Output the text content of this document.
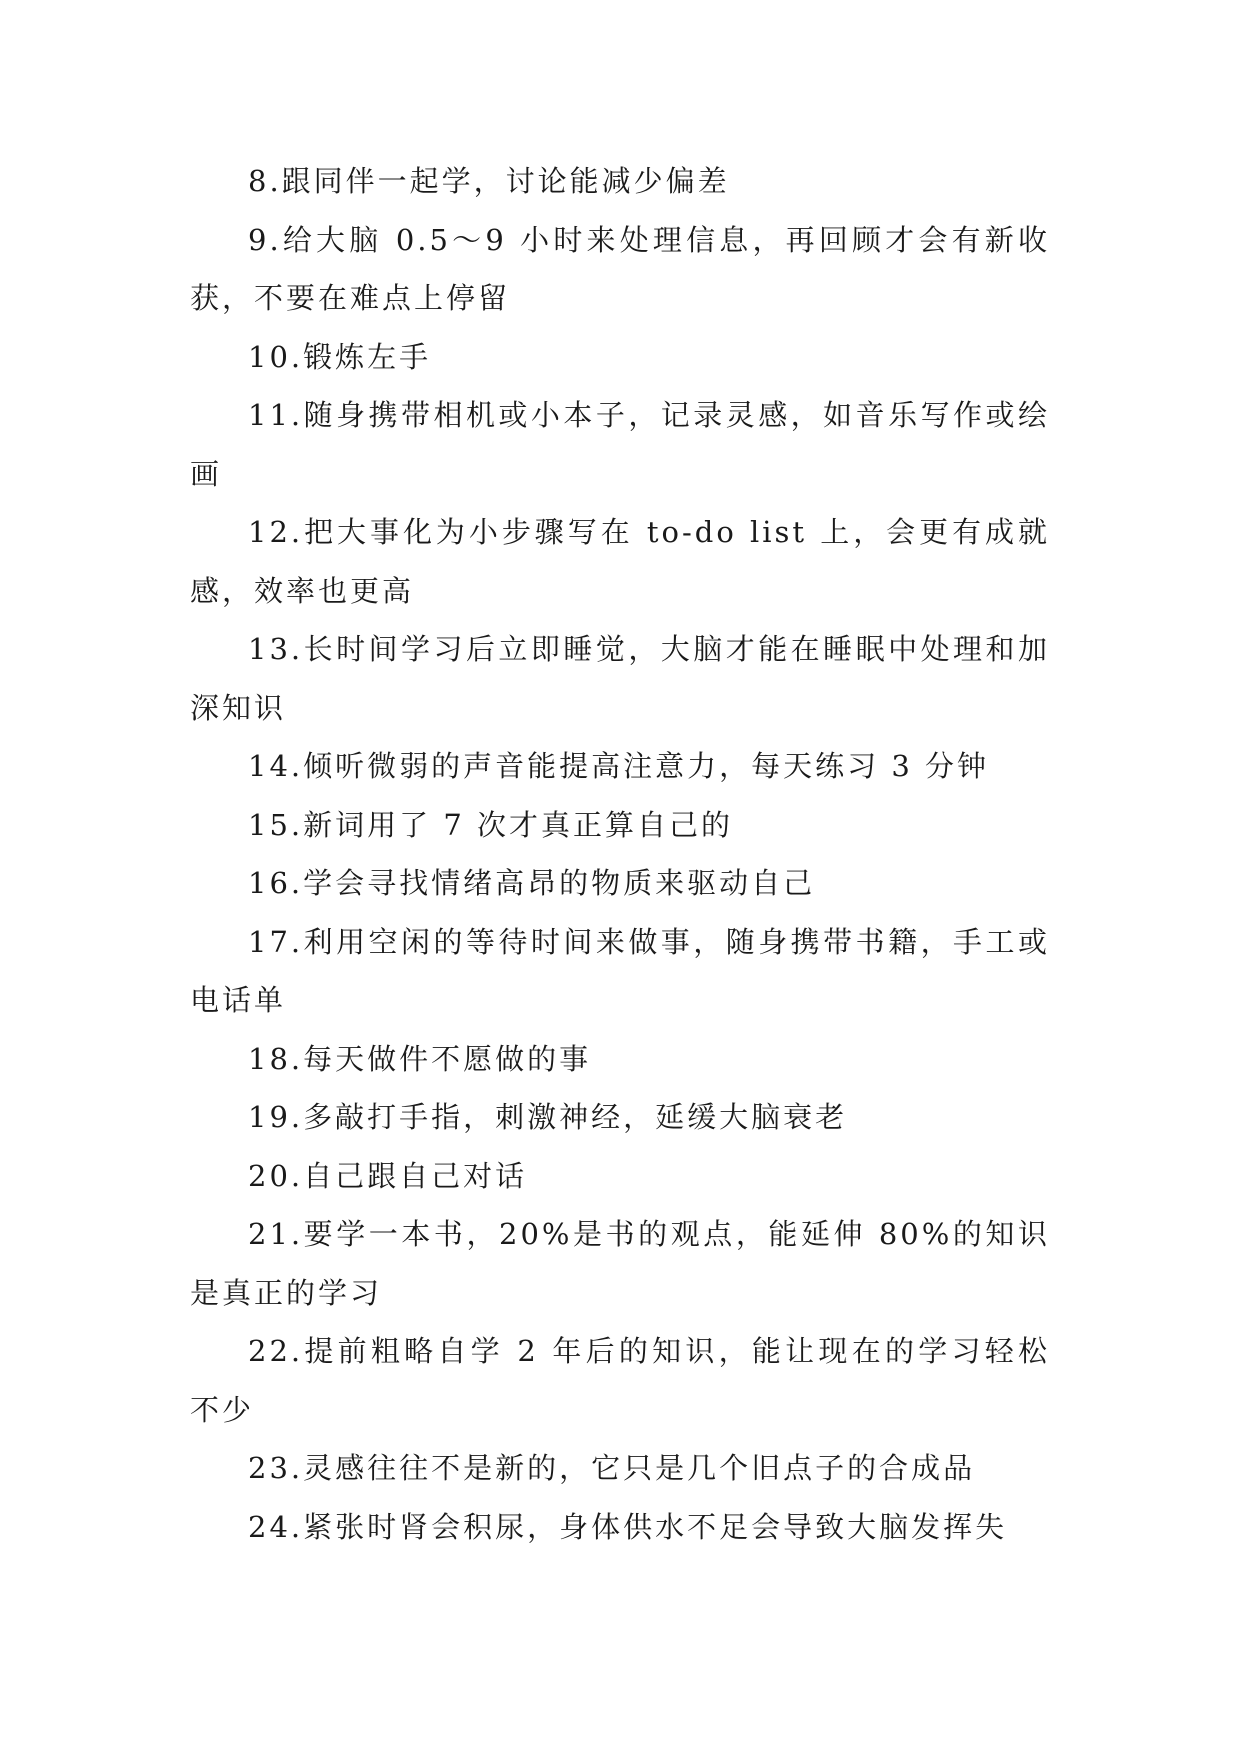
8.跟同伴一起学，讨论能减少偏差

9.给大脑 0.5～9 小时来处理信息，再回顾才会有新收获，不要在难点上停留

10.锻炼左手

11.随身携带相机或小本子，记录灵感，如音乐写作或绘画

12.把大事化为小步骤写在 to-do list 上，会更有成就感，效率也更高

13.长时间学习后立即睡觉，大脑才能在睡眠中处理和加深知识

14.倾听微弱的声音能提高注意力，每天练习 3 分钟

15.新词用了 7 次才真正算自己的

16.学会寻找情绪高昂的物质来驱动自己

17.利用空闲的等待时间来做事，随身携带书籍，手工或电话单

18.每天做件不愿做的事

19.多敲打手指，刺激神经，延缓大脑衰老

20.自己跟自己对话

21.要学一本书，20%是书的观点，能延伸 80%的知识是真正的学习

22.提前粗略自学 2 年后的知识，能让现在的学习轻松不少

23.灵感往往不是新的，它只是几个旧点子的合成品

24.紧张时肾会积尿，身体供水不足会导致大脑发挥失
